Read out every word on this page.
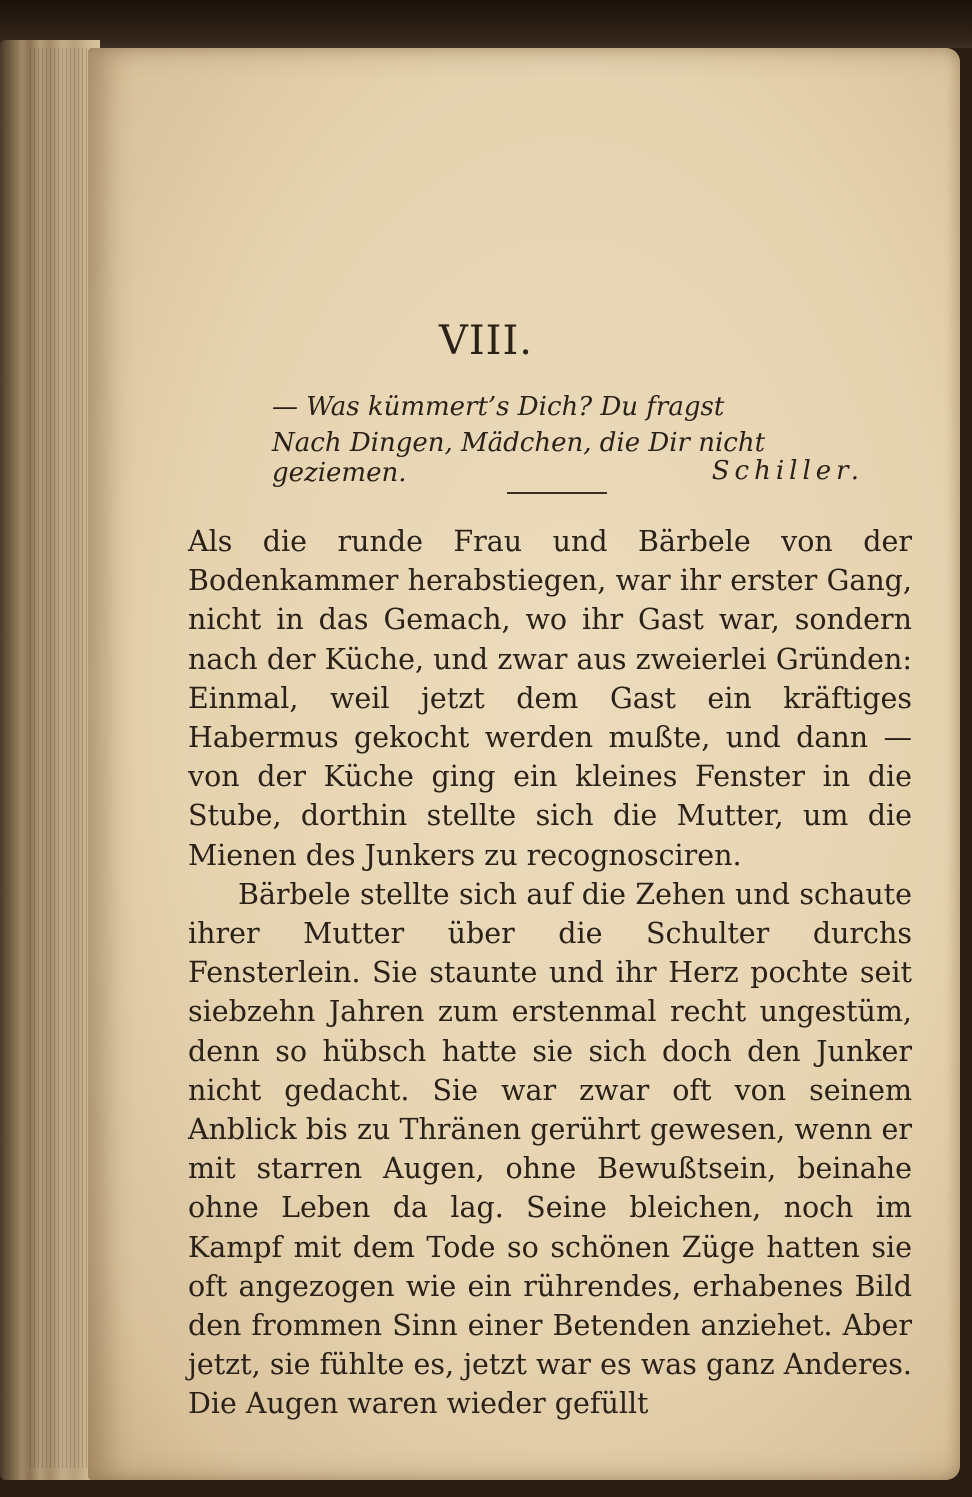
VIII.
— Was kümmert’s Dich? Du fragst
Nach Dingen, Mädchen, die Dir nicht geziemen.	Schiller.

Als die runde Frau und Bärbele von der Bodenkammer herabstiegen, war ihr erster Gang, nicht in das Gemach, wo ihr Gast war, sondern nach der Küche, und zwar aus zweierlei Gründen: Einmal, weil jetzt dem Gast ein kräftiges Habermus gekocht werden mußte, und dann — von der Küche ging ein kleines Fenster in die Stube, dorthin stellte sich die Mutter, um die Mienen des Junkers zu recognosciren.

Bärbele stellte sich auf die Zehen und schaute ihrer Mutter über die Schulter durchs Fensterlein. Sie staunte und ihr Herz pochte seit siebzehn Jahren zum erstenmal recht ungestüm, denn so hübsch hatte sie sich doch den Junker nicht gedacht. Sie war zwar oft von seinem Anblick bis zu Thränen gerührt gewesen, wenn er mit starren Augen, ohne Bewußtsein, beinahe ohne Leben da lag. Seine bleichen, noch im Kampf mit dem Tode so schönen Züge hatten sie oft angezogen wie ein rührendes, erhabenes Bild den frommen Sinn einer Betenden anziehet. Aber jetzt, sie fühlte es, jetzt war es was ganz Anderes. Die Augen waren wieder gefüllt
